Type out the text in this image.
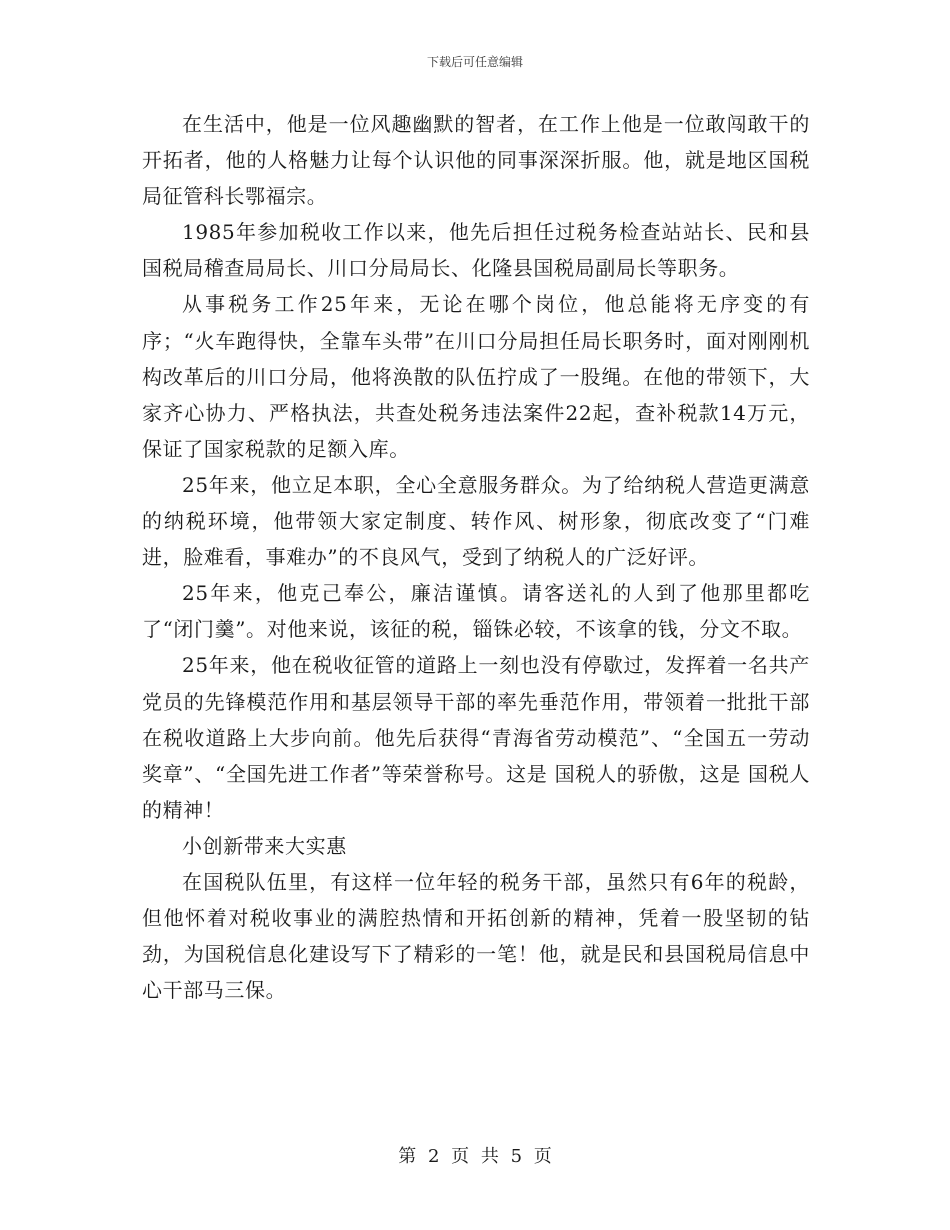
下载后可任意编辑

在生活中，他是一位风趣幽默的智者，在工作上他是一位敢闯敢干的开拓者，他的人格魅力让每个认识他的同事深深折服。他，就是地区国税局征管科长鄂福宗。

1985年参加税收工作以来，他先后担任过税务检查站站长、民和县国税局稽查局局长、川口分局局长、化隆县国税局副局长等职务。

从事税务工作25年来，无论在哪个岗位，他总能将无序变的有序；“火车跑得快，全靠车头带”在川口分局担任局长职务时，面对刚刚机构改革后的川口分局，他将涣散的队伍拧成了一股绳。在他的带领下，大家齐心协力、严格执法，共查处税务违法案件22起，查补税款14万元，保证了国家税款的足额入库。

25年来，他立足本职，全心全意服务群众。为了给纳税人营造更满意的纳税环境，他带领大家定制度、转作风、树形象，彻底改变了“门难进，脸难看，事难办”的不良风气，受到了纳税人的广泛好评。

25年来，他克己奉公，廉洁谨慎。请客送礼的人到了他那里都吃了“闭门羹”。对他来说，该征的税，锱铢必较，不该拿的钱，分文不取。

25年来，他在税收征管的道路上一刻也没有停歇过，发挥着一名共产党员的先锋模范作用和基层领导干部的率先垂范作用，带领着一批批干部在税收道路上大步向前。他先后获得“青海省劳动模范”、“全国五一劳动奖章”、“全国先进工作者”等荣誉称号。这是 国税人的骄傲，这是 国税人的精神！

小创新带来大实惠

在国税队伍里，有这样一位年轻的税务干部，虽然只有6年的税龄，但他怀着对税收事业的满腔热情和开拓创新的精神，凭着一股坚韧的钻劲，为国税信息化建设写下了精彩的一笔！他，就是民和县国税局信息中心干部马三保。

第 2 页 共 5 页
